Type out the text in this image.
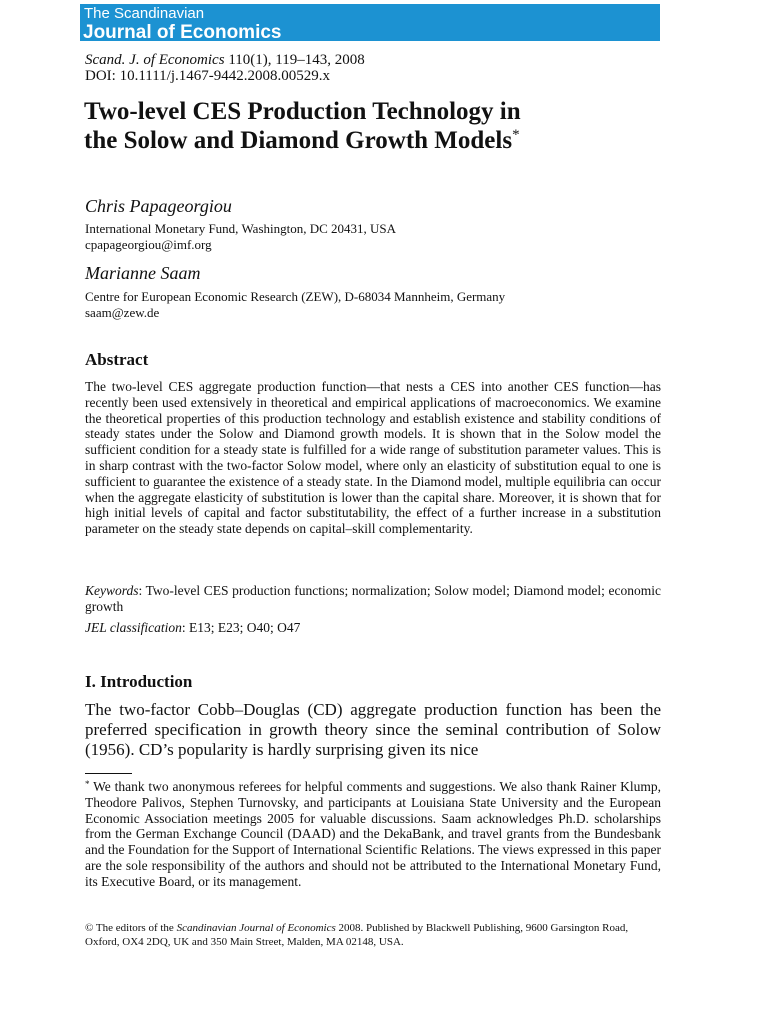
The Scandinavian
Journal of Economics
Scand. J. of Economics 110(1), 119–143, 2008
DOI: 10.1111/j.1467-9442.2008.00529.x
Two-level CES Production Technology in
the Solow and Diamond Growth Models*
Chris Papageorgiou
International Monetary Fund, Washington, DC 20431, USA
cpapageorgiou@imf.org
Marianne Saam
Centre for European Economic Research (ZEW), D-68034 Mannheim, Germany
saam@zew.de
Abstract

The two-level CES aggregate production function—that nests a CES into another CES function—has recently been used extensively in theoretical and empirical applications of macroeconomics. We examine the theoretical properties of this production technology and establish existence and stability conditions of steady states under the Solow and Diamond growth models. It is shown that in the Solow model the sufficient condition for a steady state is fulfilled for a wide range of substitution parameter values. This is in sharp contrast with the two-factor Solow model, where only an elasticity of substitution equal to one is sufficient to guarantee the existence of a steady state. In the Diamond model, multiple equilibria can occur when the aggregate elasticity of substitution is lower than the capital share. Moreover, it is shown that for high initial levels of capital and factor substitutability, the effect of a further increase in a substitution parameter on the steady state depends on capital–skill complementarity.

Keywords: Two-level CES production functions; normalization; Solow model; Diamond model; economic growth

JEL classification: E13; E23; O40; O47
I. Introduction

The two-factor Cobb–Douglas (CD) aggregate production function has been the preferred specification in growth theory since the seminal contribution of Solow (1956). CD’s popularity is hardly surprising given its nice

* We thank two anonymous referees for helpful comments and suggestions. We also thank Rainer Klump, Theodore Palivos, Stephen Turnovsky, and participants at Louisiana State University and the European Economic Association meetings 2005 for valuable discussions. Saam acknowledges Ph.D. scholarships from the German Exchange Council (DAAD) and the DekaBank, and travel grants from the Bundesbank and the Foundation for the Support of International Scientific Relations. The views expressed in this paper are the sole responsibility of the authors and should not be attributed to the International Monetary Fund, its Executive Board, or its management.

© The editors of the Scandinavian Journal of Economics 2008. Published by Blackwell Publishing, 9600 Garsington Road, Oxford, OX4 2DQ, UK and 350 Main Street, Malden, MA 02148, USA.
